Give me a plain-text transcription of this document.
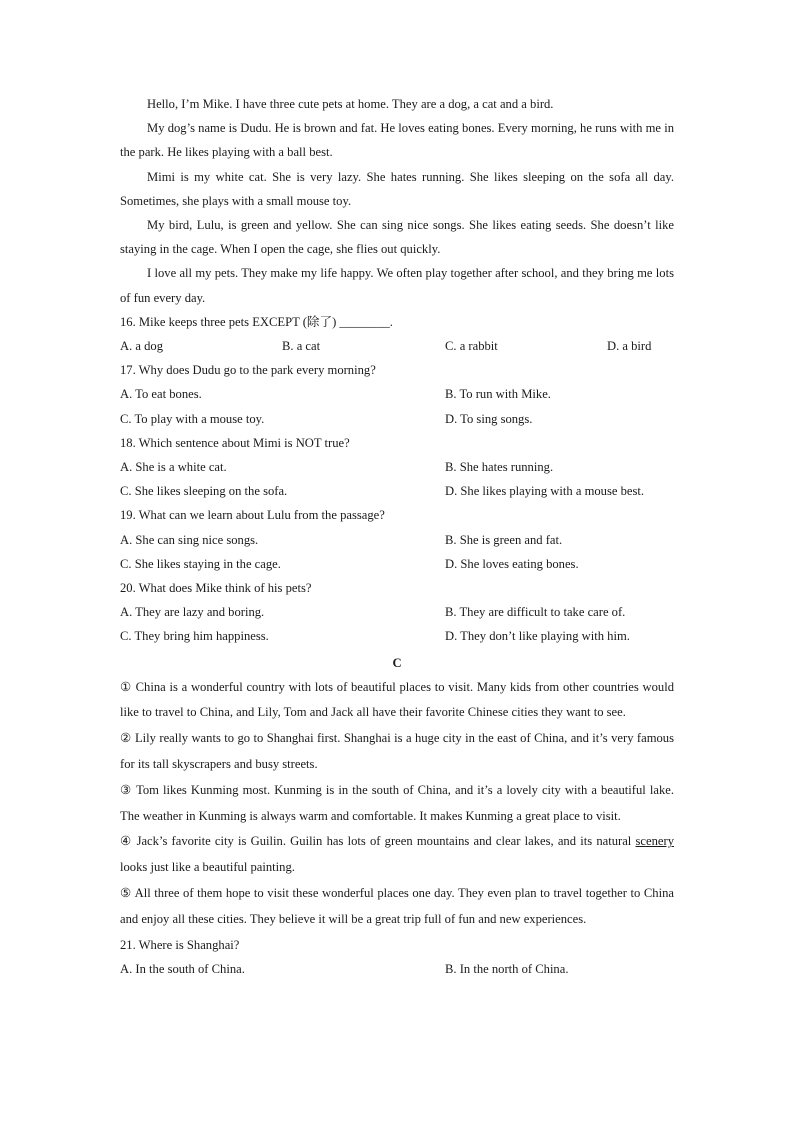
Hello, I’m Mike. I have three cute pets at home. They are a dog, a cat and a bird.

My dog’s name is Dudu. He is brown and fat. He loves eating bones. Every morning, he runs with me in the park. He likes playing with a ball best.

Mimi is my white cat. She is very lazy. She hates running. She likes sleeping on the sofa all day. Sometimes, she plays with a small mouse toy.

My bird, Lulu, is green and yellow. She can sing nice songs. She likes eating seeds. She doesn’t like staying in the cage. When I open the cage, she flies out quickly.

I love all my pets. They make my life happy. We often play together after school, and they bring me lots of fun every day.

16. Mike keeps three pets EXCEPT (除了) ________.

A. a dog	B. a cat	C. a rabbit	D. a bird

17. Why does Dudu go to the park every morning?

A. To eat bones.	B. To run with Mike.
C. To play with a mouse toy.	D. To sing songs.

18. Which sentence about Mimi is NOT true?

A. She is a white cat.	B. She hates running.
C. She likes sleeping on the sofa.	D. She likes playing with a mouse best.

19. What can we learn about Lulu from the passage?

A. She can sing nice songs.	B. She is green and fat.
C. She likes staying in the cage.	D. She loves eating bones.

20. What does Mike think of his pets?

A. They are lazy and boring.	B. They are difficult to take care of.
C. They bring him happiness.	D. They don’t like playing with him.

C

① China is a wonderful country with lots of beautiful places to visit. Many kids from other countries would like to travel to China, and Lily, Tom and Jack all have their favorite Chinese cities they want to see.

② Lily really wants to go to Shanghai first. Shanghai is a huge city in the east of China, and it’s very famous for its tall skyscrapers and busy streets.

③ Tom likes Kunming most. Kunming is in the south of China, and it’s a lovely city with a beautiful lake. The weather in Kunming is always warm and comfortable. It makes Kunming a great place to visit.

④ Jack’s favorite city is Guilin. Guilin has lots of green mountains and clear lakes, and its natural scenery looks just like a beautiful painting.

⑤ All three of them hope to visit these wonderful places one day. They even plan to travel together to China and enjoy all these cities. They believe it will be a great trip full of fun and new experiences.

21. Where is Shanghai?

A. In the south of China.	B. In the north of China.
